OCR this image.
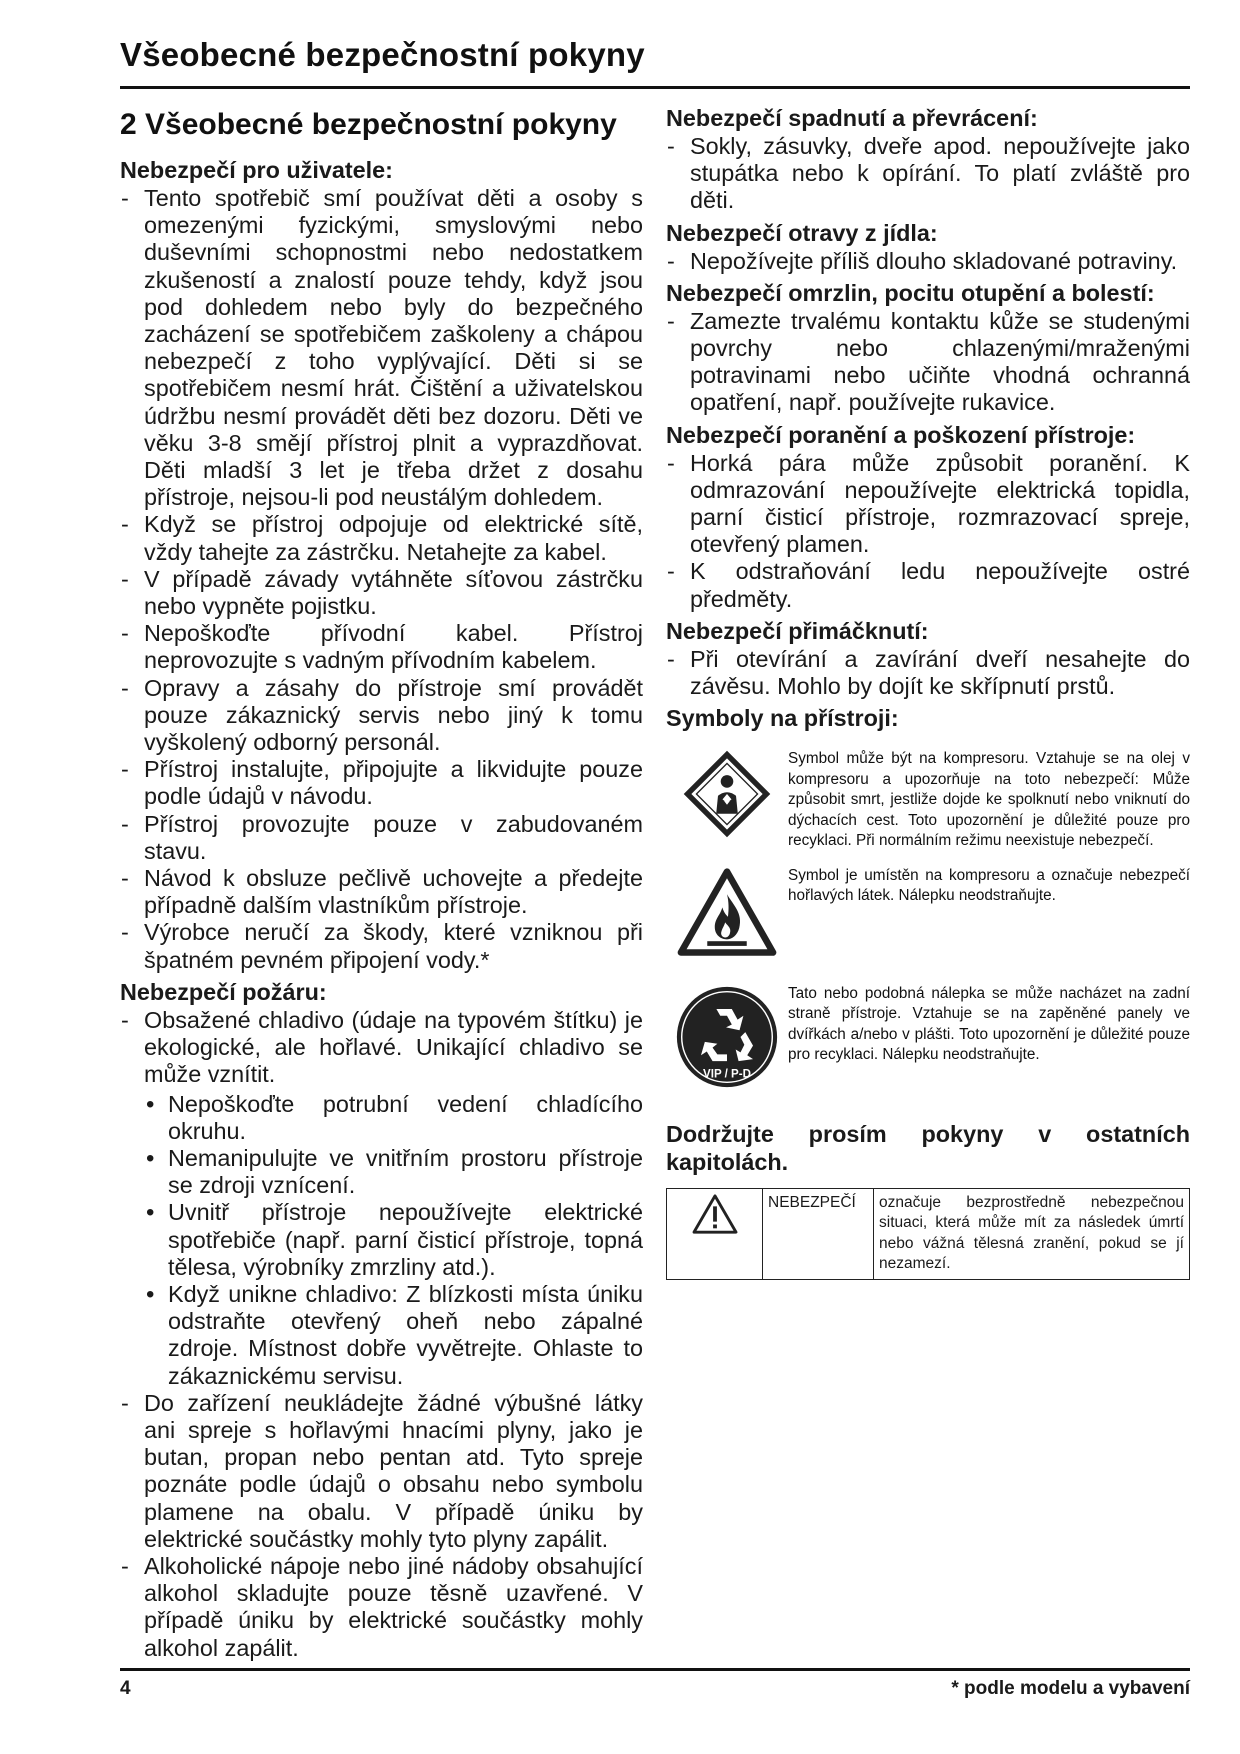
Všeobecné bezpečnostní pokyny
2 Všeobecné bezpečnostní pokyny
Nebezpečí pro uživatele:
- Tento spotřebič smí používat děti a osoby s omezenými fyzickými, smyslovými nebo duševními schopnostmi nebo nedostatkem zkušeností a znalostí pouze tehdy, když jsou pod dohledem nebo byly do bezpečného zacházení se spotřebičem zaškoleny a chápou nebezpečí z toho vyplývající. Děti si se spotřebičem nesmí hrát. Čištění a uživatelskou údržbu nesmí provádět děti bez dozoru. Děti ve věku 3-8 smějí přístroj plnit a vyprazdňovat. Děti mladší 3 let je třeba držet z dosahu přístroje, nejsou-li pod neustálým dohledem.
- Když se přístroj odpojuje od elektrické sítě, vždy tahejte za zástrčku. Netahejte za kabel.
- V případě závady vytáhněte síťovou zástrčku nebo vypněte pojistku.
- Nepoškoďte přívodní kabel. Přístroj neprovozujte s vadným přívodním kabelem.
- Opravy a zásahy do přístroje smí provádět pouze zákaznický servis nebo jiný k tomu vyškolený odborný personál.
- Přístroj instalujte, připojujte a likvidujte pouze podle údajů v návodu.
- Přístroj provozujte pouze v zabudovaném stavu.
- Návod k obsluze pečlivě uchovejte a předejte případně dalším vlastníkům přístroje.
- Výrobce neručí za škody, které vzniknou při špatném pevném připojení vody.*
Nebezpečí požáru:
- Obsažené chladivo (údaje na typovém štítku) je ekologické, ale hořlavé. Unikající chladivo se může vznítit.
• Nepoškoďte potrubní vedení chladícího okruhu.
• Nemanipulujte ve vnitřním prostoru přístroje se zdroji vznícení.
• Uvnitř přístroje nepoužívejte elektrické spotřebiče (např. parní čisticí přístroje, topná tělesa, výrobníky zmrzliny atd.).
• Když unikne chladivo: Z blízkosti místa úniku odstraňte otevřený oheň nebo zápalné zdroje. Místnost dobře vyvětrejte. Ohlaste to zákaznickému servisu.
- Do zařízení neukládejte žádné výbušné látky ani spreje s hořlavými hnacími plyny, jako je butan, propan nebo pentan atd. Tyto spreje poznáte podle údajů o obsahu nebo symbolu plamene na obalu. V případě úniku by elektrické součástky mohly tyto plyny zapálit.
- Alkoholické nápoje nebo jiné nádoby obsahující alkohol skladujte pouze těsně uzavřené. V případě úniku by elektrické součástky mohly alkohol zapálit.
Nebezpečí spadnutí a převrácení:
- Sokly, zásuvky, dveře apod. nepoužívejte jako stupátka nebo k opírání. To platí zvláště pro děti.
Nebezpečí otravy z jídla:
- Nepožívejte příliš dlouho skladované potraviny.
Nebezpečí omrzlin, pocitu otupění a bolestí:
- Zamezte trvalému kontaktu kůže se studenými povrchy nebo chlazenými/mraženými potravinami nebo učiňte vhodná ochranná opatření, např. používejte rukavice.
Nebezpečí poranění a poškození přístroje:
- Horká pára může způsobit poranění. K odmrazování nepoužívejte elektrická topidla, parní čisticí přístroje, rozmrazovací spreje, otevřený plamen.
- K odstraňování ledu nepoužívejte ostré předměty.
Nebezpečí přimáčknutí:
- Při otevírání a zavírání dveří nesahejte do závěsu. Mohlo by dojít ke skřípnutí prstů.
Symboly na přístroji:
Symbol může být na kompresoru. Vztahuje se na olej v kompresoru a upozorňuje na toto nebezpečí: Může způsobit smrt, jestliže dojde ke spolknutí nebo vniknutí do dýchacích cest. Toto upozornění je důležité pouze pro recyklaci. Při normálním režimu neexistuje nebezpečí.
Symbol je umístěn na kompresoru a označuje nebezpečí hořlavých látek. Nálepku neodstraňujte.
VIP / P-D
Tato nebo podobná nálepka se může nacházet na zadní straně přístroje. Vztahuje se na zapěněné panely ve dvířkách a/nebo v plášti. Toto upozornění je důležité pouze pro recyklaci. Nálepku neodstraňujte.
Dodržujte prosím pokyny v ostatních kapitolách.
	NEBEZPEČÍ	označuje bezprostředně nebezpečnou situaci, která může mít za následek úmrtí nebo vážná tělesná zranění, pokud se jí nezamezí.
4	* podle modelu a vybavení
